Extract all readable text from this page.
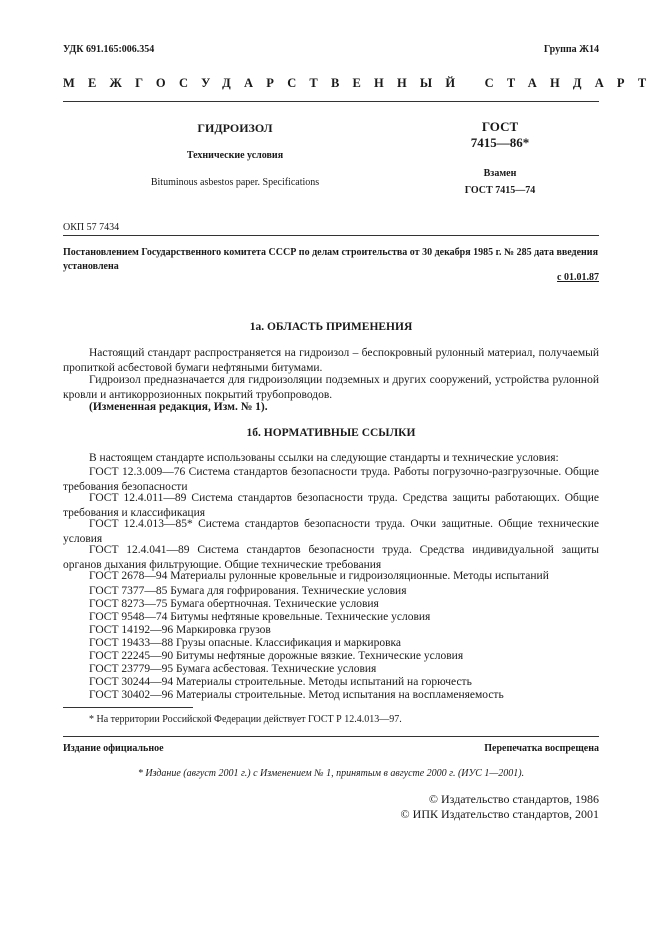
УДК 691.165:006.354	Группа Ж14
МЕЖГОСУДАРСТВЕННЫЙ СТАНДАРТ
ГИДРОИЗОЛ
Технические условия
Bituminous asbestos paper. Specifications
ГОСТ
7415—86*
Взамен
ГОСТ 7415—74
ОКП 57 7434
Постановлением Государственного комитета СССР по делам строительства от 30 декабря 1985 г. № 285 дата введения установлена
с 01.01.87
1а. ОБЛАСТЬ ПРИМЕНЕНИЯ
Настоящий стандарт распространяется на гидроизол – беспокровный рулонный материал, получаемый пропиткой асбестовой бумаги нефтяными битумами.
Гидроизол предназначается для гидроизоляции подземных и других сооружений, устройства рулонной кровли и антикоррозионных покрытий трубопроводов.
(Измененная редакция, Изм. № 1).
1б. НОРМАТИВНЫЕ ССЫЛКИ
В настоящем стандарте использованы ссылки на следующие стандарты и технические условия:
ГОСТ 12.3.009—76 Система стандартов безопасности труда. Работы погрузочно-разгрузочные. Общие требования безопасности
ГОСТ 12.4.011—89 Система стандартов безопасности труда. Средства защиты работающих. Общие требования и классификация
ГОСТ 12.4.013—85* Система стандартов безопасности труда. Очки защитные. Общие технические условия
ГОСТ 12.4.041—89 Система стандартов безопасности труда. Средства индивидуальной защиты органов дыхания фильтрующие. Общие технические требования
ГОСТ 2678—94 Материалы рулонные кровельные и гидроизоляционные. Методы испытаний
ГОСТ 7377—85 Бумага для гофрирования. Технические условия
ГОСТ 8273—75 Бумага обертночная. Технические условия
ГОСТ 9548—74 Битумы нефтяные кровельные. Технические условия
ГОСТ 14192—96 Маркировка грузов
ГОСТ 19433—88 Грузы опасные. Классификация и маркировка
ГОСТ 22245—90 Битумы нефтяные дорожные вязкие. Технические условия
ГОСТ 23779—95 Бумага асбестовая. Технические условия
ГОСТ 30244—94 Материалы строительные. Методы испытаний на горючесть
ГОСТ 30402—96 Материалы строительные. Метод испытания на воспламеняемость
* На территории Российской Федерации действует ГОСТ Р 12.4.013—97.
Издание официальное	Перепечатка воспрещена
* Издание (август 2001 г.) с Изменением № 1, принятым в августе 2000 г. (ИУС 1—2001).
© Издательство стандартов, 1986
© ИПК Издательство стандартов, 2001
